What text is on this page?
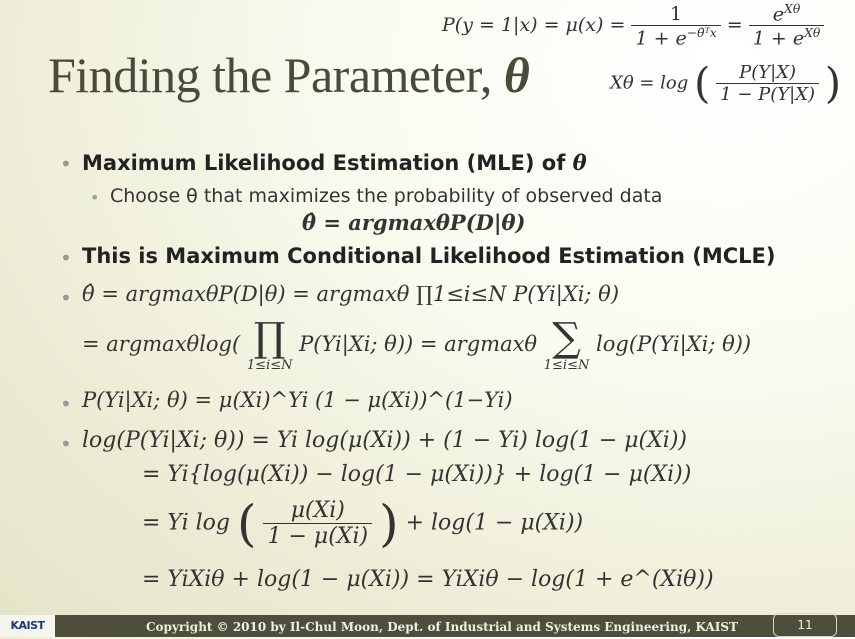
Finding the Parameter, θ
$P(y = 1|x) = \mu(x) = \frac{1}{1 + e^{-\thetȧᵀx}} = \frac{e^{X\theta}}{1 + e^{X\theta}}$
Xθ = log ( $\frac{P(Y|X)}{1 - P(Y|X)}$ )
• Maximum Likelihood Estimation (MLE) of θ
• Choose θ that maximizes the probability of observed data
θ̂ = argmaxθP(D|θ)
• This is Maximum Conditional Likelihood Estimation (MCLE)
• θ̂ = argmaxθP(D|θ) = argmaxθ ∏1≤i≤N P(Yi|Xi; θ)
= argmaxθlog( ∏
1≤i≤N
P(Yi|Xi; θ)) = argmaxθ ∑
1≤i≤N
log(P(Yi|Xi; θ))
• P(Yi|Xi; θ) = μ(Xi)^Yi (1 − μ(Xi))^(1−Yi)
• log(P(Yi|Xi; θ)) = Yi log(μ(Xi)) + (1 − Yi) log(1 − μ(Xi))
= Yi{log(μ(Xi)) − log(1 − μ(Xi))} + log(1 − μ(Xi))
= Yi log ( $\frac{\mu(Xi)}{1 - \mu(Xi)}$ ) + log(1 − μ(Xi))
= YiXiθ + log(1 − μ(Xi)) = YiXiθ − log(1 + e^(Xiθ))
KAIST	Copyright © 2010 by Il-Chul Moon, Dept. of Industrial and Systems Engineering, KAIST	11
